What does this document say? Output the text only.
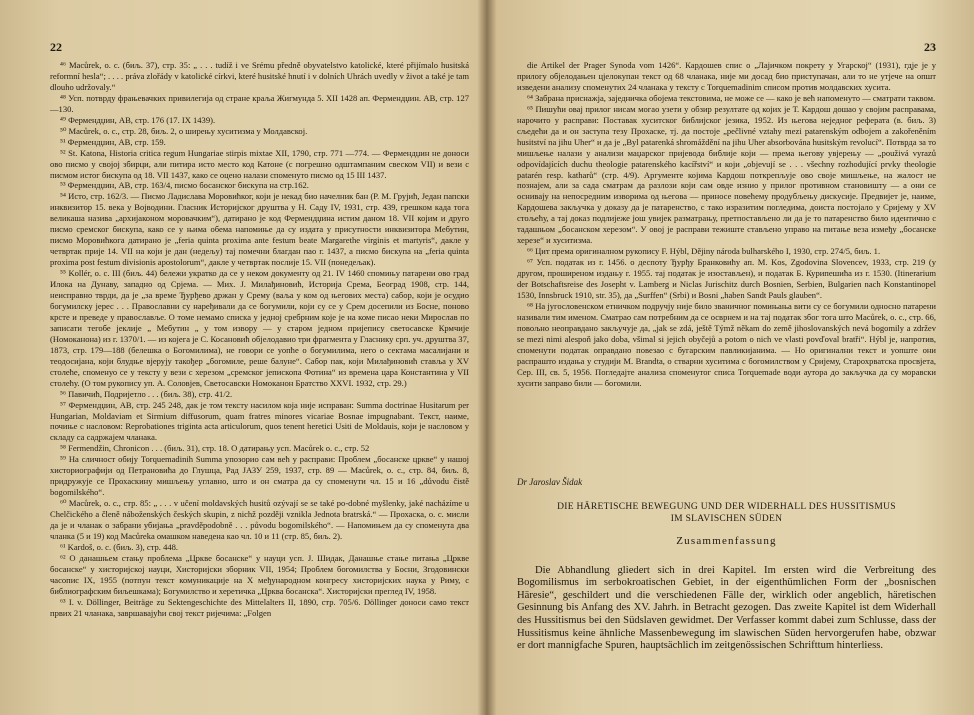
22

⁴⁶ Macůrek, o. c. (биљ. 37), стр. 35: „ . . . tudíž i ve Srému předně obyvatelstvo katolické, které přijímalo husitská reformní hesla“; . . . . práva zlořády v katolické církvi, které husitské hnutí i v dolních Uhrách uvedly v život a také je tam dlouho udržovaly.“

⁴⁸ Усп. потврду фрањевачких привилегија од стране краља Жигмунда 5. XII 1428 ап. Фермендџин. AB, стр. 127—130.

⁴⁹ Фермендџин, AB, стр. 176 (17. IX 1439).

⁵⁰ Macůrek, о. с., стр. 28, биљ. 2, о ширењу хуситизма у Молдавској.

⁵¹ Фермендџин, AB, стр. 159.

⁵² St. Katona, Historia critica regum Hungariae stirpis mixtae XII, 1790, стр. 771 —774. — Фермендџин не доноси ово писмо у својој збирци, али питира исто место код Катоне (с погрешно одштампаним свеском VII) и вези с писмом истог бискупа од 18. VII 1437, како се оцено налази споменуто писмо од 15 III 1437.

⁵³ Фермендџин, AB, стр. 163/4, писмо босанског бискупа на стр.162.

⁵⁴ Исто, стр. 162/3. — Писмо Ладислава Моровићког, који је некад био начелник бан (Р. М. Грујић, Један папски инквизитор 15. века у Војводини. Гласник Историјског друштва у Н. Саду IV, 1931, стр. 439, грешком када тога великаша назива „архијаконом моровачким“), датирано је код Фермендџина истим даном 18. VII којим и друго писмо сремског бискупа, како се у њима обема напомиње да су издата у присутности инквизитора Мебутин, писмо Моровићкога датирано је „feria quinta proxima ante festum beate Margarethe virginis et martyris“, дакле у четвртак прије 14. VII на који је дан (недељу) тај помечни благдан пао г. 1437, а писмо бискупа на „feria quinta proxima post festum divisionis apostolorum“, дакле у четвртак послије 15. VII (понедељак).

⁵⁵ Kollér, о. с. III (биљ. 44) бележи укратко да се у неком документу од 21. IV 1460 спомињу патарени ово град Илока на Дунаву, западно од Срјема. — Мих. Ј. Милађиновић, Историја Срема, Београд 1908, стр. 144, неисправно тврди, да је „за време Ђурђево држан у Срему (ваља у ком од његових места) сабор, који је осудио богумилску јерес . . . Православни су наређивали да се богумили, који су се у Срем досепили из Босне, поново крсте и преведе у православље. О томе немамо списка у једној сребрним које је на коме писао неки Мирослав по записати тегобе јеклије „ Мебутин „ у том извору — у старом једном пријепису светосавске Крмчије (Номоканона) из г. 1370/1. — из којега је С. Косановић објелодавио три фрагмента у Гласнику срп. уч. друштва 37, 1873, стр. 179—188 (белешка о Богомилима), не говори се уопће о богумилима, него о сектама масалијани и теодосијана, који блудње вјерују такођер „богомиле, реше балуне“. Сабор пак, који Милађиновић ставља у XV столеће, споменуо се у тексту у вези с херезом „сремског јепископа Фотина“ из времена цара Константина у VII столећу. (О том рукопису уп. А. Соловјев, Светосавски Номоканон Братство XXVI. 1932, стр. 29.)

⁵⁶ Павичић, Подријетло . . . (биљ. 38), стр. 41/2.

⁵⁷ Фермендџин, AB, стр. 245 248, дак је том тексту насилом која није исправан: Summa doctrinae Husitarum per Hungarian, Moldaviam et Sirmium diffusorum, quam fratres minores vicariae Bosnae impugnabant. Текст, наиме, почиње с насловом: Reprobationes triginta acta articulorum, quos tenent heretici Usiti de Moldauis, који је насловом у складу са садржајем чланака.

⁵⁸ Fermendžin, Chronicon . . . (биљ. 31), стр. 18. О датирању усп. Macůrek о. с., стр. 52

⁵⁹ На сличност обију Torquemadinih Summa упозорио сам већ у расправи: Проблем „босанске цркве“ у нашој хисториографији од Петрановића до Глушца, Рад ЈАЗУ 259, 1937, стр. 89 — Macůrek, о. с., стр. 84, биљ. 8, придружује се Прохаскину мишљењу углавно, што и он сматра да су споменути чл. 15 и 16 „důvodu čistě bogomilského“.

⁶⁰ Macůrek, o. c., стр. 85: „ . . . v učení moldavských husitů ozývají se se také po-dobné myšlenky, jaké nacházíme u Chelčického a členě náboženských českých skupin, z nichž později vznikla Jednota bratrská.“ — Прохаска, о. с. мисли да је и чланак о забрани убијања „pravděpodobně . . . původu bogomilského“. — Напомињем да су споменута два чланка (5 и 19) код Macůrekа омашком наведена као чл. 10 и 11 (стр. 85, биљ. 2).

⁶¹ Kardoš, о. с. (биљ. 3), стр. 448.

⁶² О данашњем стању проблема „Цркве босанске“ у науци усп. Ј. Шидак, Данашње стање питања „Цркве босанске“ у хисторијској науци, Хисторијски зборник VII, 1954; Проблем богомилства у Босни, Згодовински часопис IX, 1955 (потпун текст комуникације на X међународном конгресу хисторијских наука у Риму, с библиографским биљешкама); Богумилство и херетичка „Црква босанска“. Хисторијски преглед IV, 1958.

⁶³ I. v. Döllinger, Beiträge zu Sektengeschichte des Mittelalters II, 1890, стр. 705/6. Döllinger доноси само текст првих 21 чланака, завршавајући свој текст ријечима: „Folgen

23

die Artikel der Prager Synoda vom 1426“. Кардошев спис о „Лајичком покрету у Угарској“ (1931), гдје је у прилогу објелодањен цјелокупан текст од 68 чланака, није ми досад био приступачан, али то не утјече на општ изведени анализу споменутих 24 чланака у тексту с Torquemadinim списом против молдавских хусита.

⁶⁴ Забрана приснажја, заједничка обојема текстовима, не може се — како је већ напоменуто — сматрати таквом.

⁶⁵ Пишући овај прилог нисам могао узети у обзир резултате од којих је Т. Кардош дошао у својим расправама, нарочито у расправи: Поставак хуситског библијског језика, 1952. Из његова неједног реферата (в. биљ. 3) сљедећи да и он заступа тезу Прохаске, тј. да постоје „pečlivné vztahy mezi patarenským odbojem a zakořeněním husitství na jihu Uher“ и да је „Byl patarenká shromáždění na jihu Uher absorbována husitským revolucí“. Потврда за то мишљење налази у анализи маџарског пријевода библије који — према његову увјерењу — „použivá vyrazů odpovídajících duchu theologie patarenského kacířství“ и који „objevují se . . . všechny rozhodující prvky theologie patarén resp. katharů“ (стр. 4/9). Аргументе којима Кардош поткрепљује ово своје мишљење, на жалост не познајем, али за сада сматрам да разлози који сам овде изнио у прилог противном становишту — а они се оснивају на непосредним изворима од његова — приносе повећему продубљењу дискусије. Предвијет је, наиме, Кардошева закључка у доказу да је патаренство, с тако изразитим погледима, доиста постојало у Сријему у XV стољећу, а тај доказ подлијеже још увијек разматрању, претпостављено ли да је то патаренство било идентично с тадашњом „босанском херезом“. У овој је расправи тежиште стављено управо на питање веза између „босанске херезе“ и хуситизма.

⁶⁶ Цит према оригиналном рукопису F. Hýbl, Dějiny národa bulharského I, 1930, стр. 274/5, биљ. 1.

⁶⁷ Усп. податак из г. 1456. о деспоту Ђурђу Бранковићу ап. M. Kos, Zgodovina Slovencev, 1933, стр. 219 (у другом, проширеном издању г. 1955. тај податак је изостављен), и податак Б. Курипешића из г. 1530. (Itinerarium der Botschaftsreise des Josepht v. Lamberg и Niclas Jurischitz durch Bosnien, Serbien, Bulgarien nach Konstantinopel 1530, Innsbruck 1910, str. 35), да „Surffen“ (Srbi) и Bosni „haben Sandt Pauls glauben“.

⁶⁸ На југословенском етничком подручју није било званичног помињања вити су се богумили односно патарени називали тим именом. Сматрао сам потребним да се осврнем и на тај податак због тога што Macůrek, о. с., стр. 66, повољно неоправдано закључује да, „jak se zdá, ještě Týmž někam do země jihoslovanských nevá bogomily a zdržev se mezi nimi alespoň jako doba, všimal si jejich obyčejů a potom o nich ve vlasti povďoval bratři“. Hýbl је, напротив, споменути податак оправдано повезао с бугарским павликијанима. — Но оригинални текст и уопште они распрашто издања у студији M. Brandta, о стварни хуситима с богомилством у Сријему, Старохрватска просвјета, Сер. III, св. 5, 1956. Погледајте анализа споменутог списа Torquemadе води аутора до закључка да су моравски хусити заправо били — богомили.

Dr Jaroslav Šidak
DIE HÄRETISCHE BEWEGUNG UND DER WIDERHALL DES HUSSITISMUS
IM SLAVISCHEN SÜDEN
Zusammenfassung

Die Abhandlung gliedert sich in drei Kapitel. Im ersten wird die Verbreitung des Bogomilismus im serbokroatischen Gebiet, in der eigenthümlichen Form der „bosnischen Häresie“, geschildert und die verschiedenen Fälle der, wirklich oder angeblich, häretischen Gesinnung bis Anfang des XV. Jahrh. in Betracht gezogen. Das zweite Kapitel ist dem Widerhall des Hussitismus bei den Südslaven gewidmet. Der Verfasser kommt dabei zum Schlusse, dass der Hussitismus keine ähnliche Massenbewegung im slawischen Süden hervorgerufen habe, obzwar er dort mannigfache Spuren, hauptsächlich im zeitgenössischen Schrifttum hinterliess.
